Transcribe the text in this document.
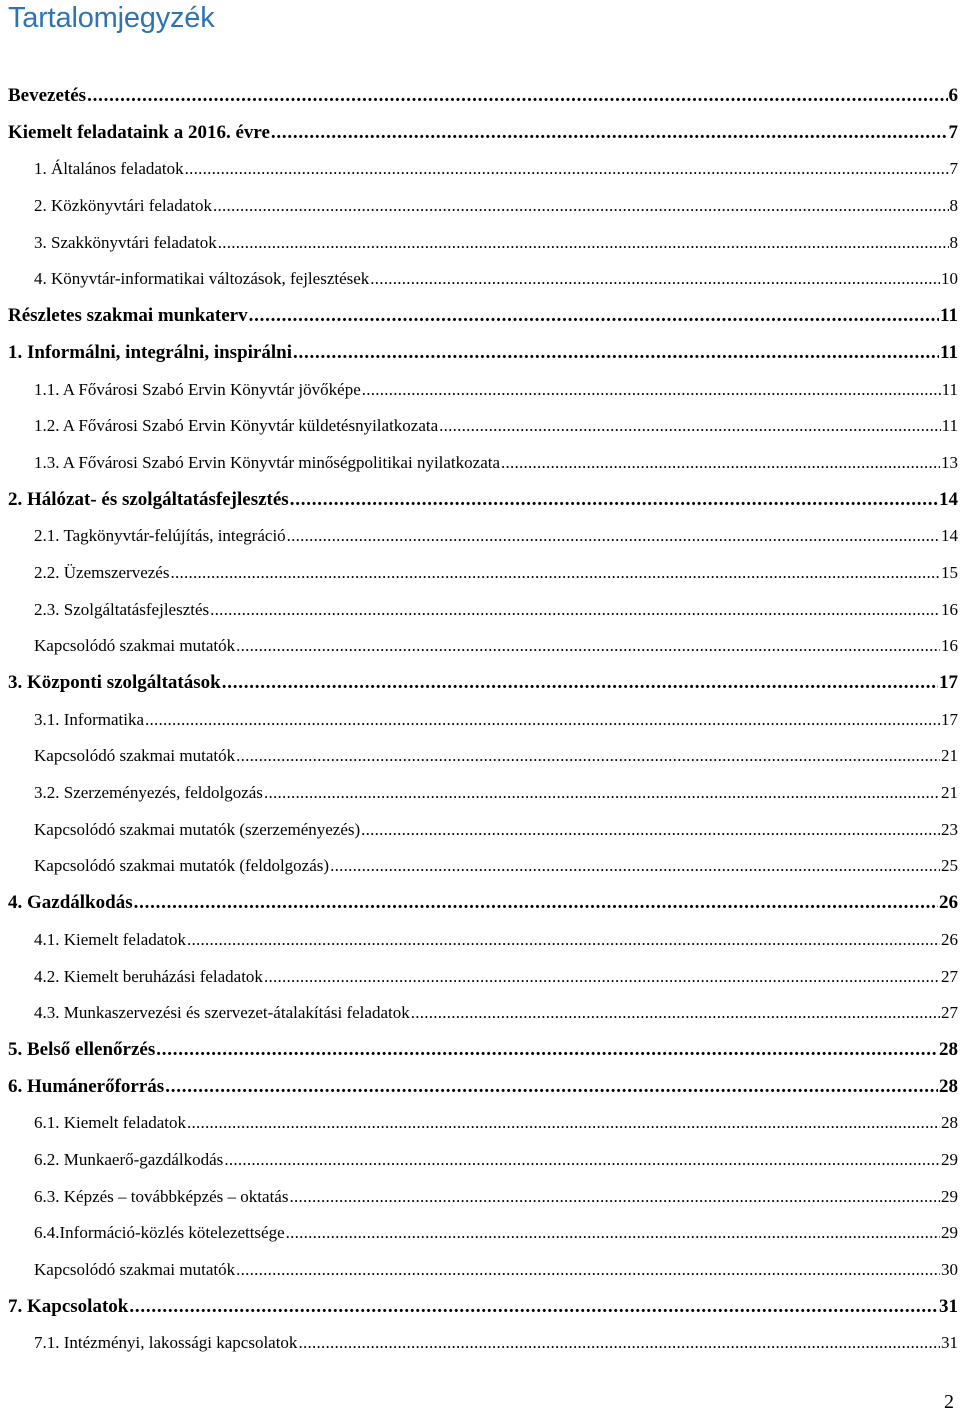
Tartalomjegyzék
Bevezetés . . .	6
Kiemelt feladataink a 2016. évre . . .	7
1. Általános feladatok . . .	7
2. Közkönyvtári feladatok . . .	8
3. Szakkönyvtári feladatok . . .	8
4. Könyvtár-informatikai változások, fejlesztések . . .	10
Részletes szakmai munkaterv . . .	11
1. Informálni, integrálni, inspirálni . . .	11
1.1. A Fővárosi Szabó Ervin Könyvtár jövőképe . . .	11
1.2. A Fővárosi Szabó Ervin Könyvtár küldetésnyilatkozata . . .	11
1.3. A Fővárosi Szabó Ervin Könyvtár minőségpolitikai nyilatkozata . . .	13
2. Hálózat- és szolgáltatásfejlesztés . . .	14
2.1. Tagkönyvtár-felújítás, integráció . . .	14
2.2. Üzemszervezés . . .	15
2.3. Szolgáltatásfejlesztés . . .	16
Kapcsolódó szakmai mutatók . . .	16
3. Központi szolgáltatások . . .	17
3.1. Informatika . . .	17
Kapcsolódó szakmai mutatók . . .	21
3.2. Szerzeményezés, feldolgozás . . .	21
Kapcsolódó szakmai mutatók (szerzeményezés) . . .	23
Kapcsolódó szakmai mutatók (feldolgozás) . . .	25
4. Gazdálkodás . . .	26
4.1. Kiemelt feladatok . . .	26
4.2. Kiemelt beruházási feladatok . . .	27
4.3. Munkaszervezési és szervezet-átalakítási feladatok . . .	27
5. Belső ellenőrzés . . .	28
6. Humánerőforrás . . .	28
6.1. Kiemelt feladatok . . .	28
6.2. Munkaerő-gazdálkodás . . .	29
6.3. Képzés – továbbképzés – oktatás . . .	29
6.4.Információ-közlés kötelezettsége . . .	29
Kapcsolódó szakmai mutatók . . .	30
7. Kapcsolatok . . .	31
7.1. Intézményi, lakossági kapcsolatok . . .	31
2
